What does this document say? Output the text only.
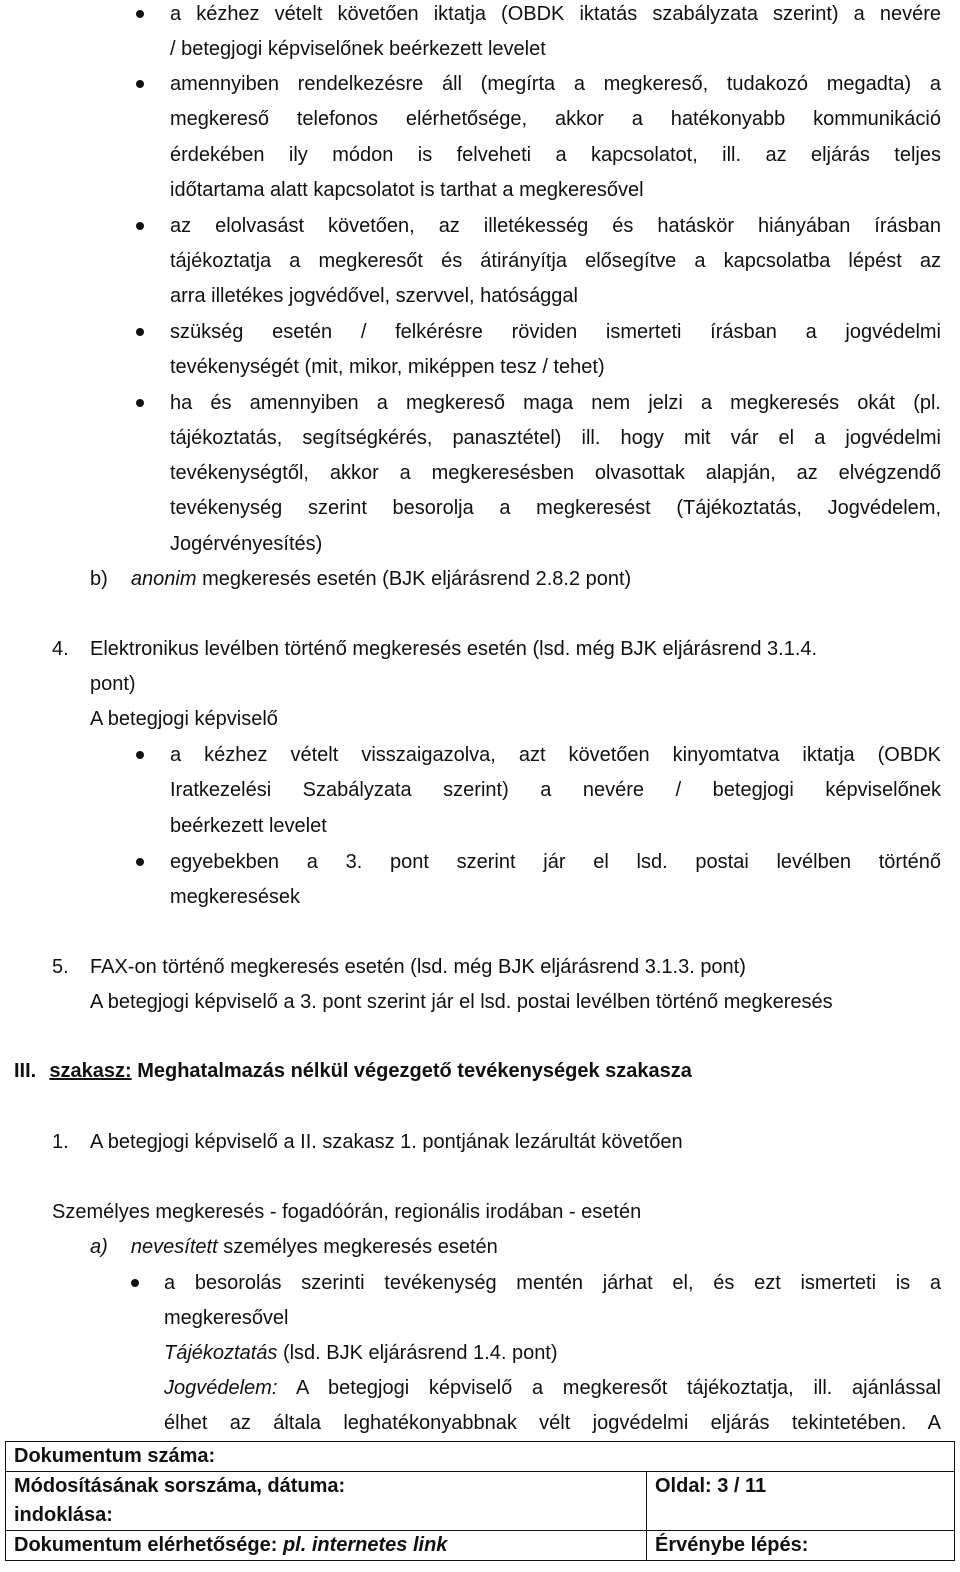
a kézhez vételt követően iktatja (OBDK iktatás szabályzata szerint) a nevére
/ betegjogi képviselőnek beérkezett levelet
amennyiben rendelkezésre áll (megírta a megkereső, tudakozó megadta) a
megkereső telefonos elérhetősége, akkor a hatékonyabb kommunikáció
érdekében ily módon is felveheti a kapcsolatot, ill. az eljárás teljes
időtartama alatt kapcsolatot is tarthat a megkeresővel
az elolvasást követően, az illetékesség és hatáskör hiányában írásban
tájékoztatja a megkeresőt és átirányítja elősegítve a kapcsolatba lépést az
arra illetékes jogvédővel, szervvel, hatósággal
szükség esetén / felkérésre röviden ismerteti írásban a jogvédelmi
tevékenységét (mit, mikor, miképpen tesz / tehet)
ha és amennyiben a megkereső maga nem jelzi a megkeresés okát (pl.
tájékoztatás, segítségkérés, panasztétel) ill. hogy mit vár el a jogvédelmi
tevékenységtől, akkor a megkeresésben olvasottak alapján, az elvégzendő
tevékenység szerint besorolja a megkeresést (Tájékoztatás, Jogvédelem,
Jogérvényesítés)
b) anonim megkeresés esetén (BJK eljárásrend 2.8.2 pont)
4. Elektronikus levélben történő megkeresés esetén (lsd. még BJK eljárásrend 3.1.4.
pont)
A betegjogi képviselő
a kézhez vételt visszaigazolva, azt követően kinyomtatva iktatja (OBDK
Iratkezelési Szabályzata szerint) a nevére / betegjogi képviselőnek
beérkezett levelet
egyebekben a 3. pont szerint jár el lsd. postai levélben történő
megkeresések
5. FAX-on történő megkeresés esetén (lsd. még BJK eljárásrend 3.1.3. pont)
A betegjogi képviselő a 3. pont szerint jár el lsd. postai levélben történő megkeresés
III. szakasz: Meghatalmazás nélkül végezgető tevékenységek szakasza
1. A betegjogi képviselő a II. szakasz 1. pontjának lezárultát követően
Személyes megkeresés - fogadóórán, regionális irodában - esetén
a) nevesített személyes megkeresés esetén
a besorolás szerinti tevékenység mentén járhat el, és ezt ismerteti is a
megkeresővel
Tájékoztatás (lsd. BJK eljárásrend 1.4. pont)
Jogvédelem: A betegjogi képviselő a megkeresőt tájékoztatja, ill. ajánlással
élhet az általa leghatékonyabbnak vélt jogvédelmi eljárás tekintetében. A
Dokumentum száma:	

Módosításának sorszáma, dátuma:
indoklása:	Oldal: 3 / 11
Dokumentum elérhetősége: pl. internetes link	Érvénybe lépés:
